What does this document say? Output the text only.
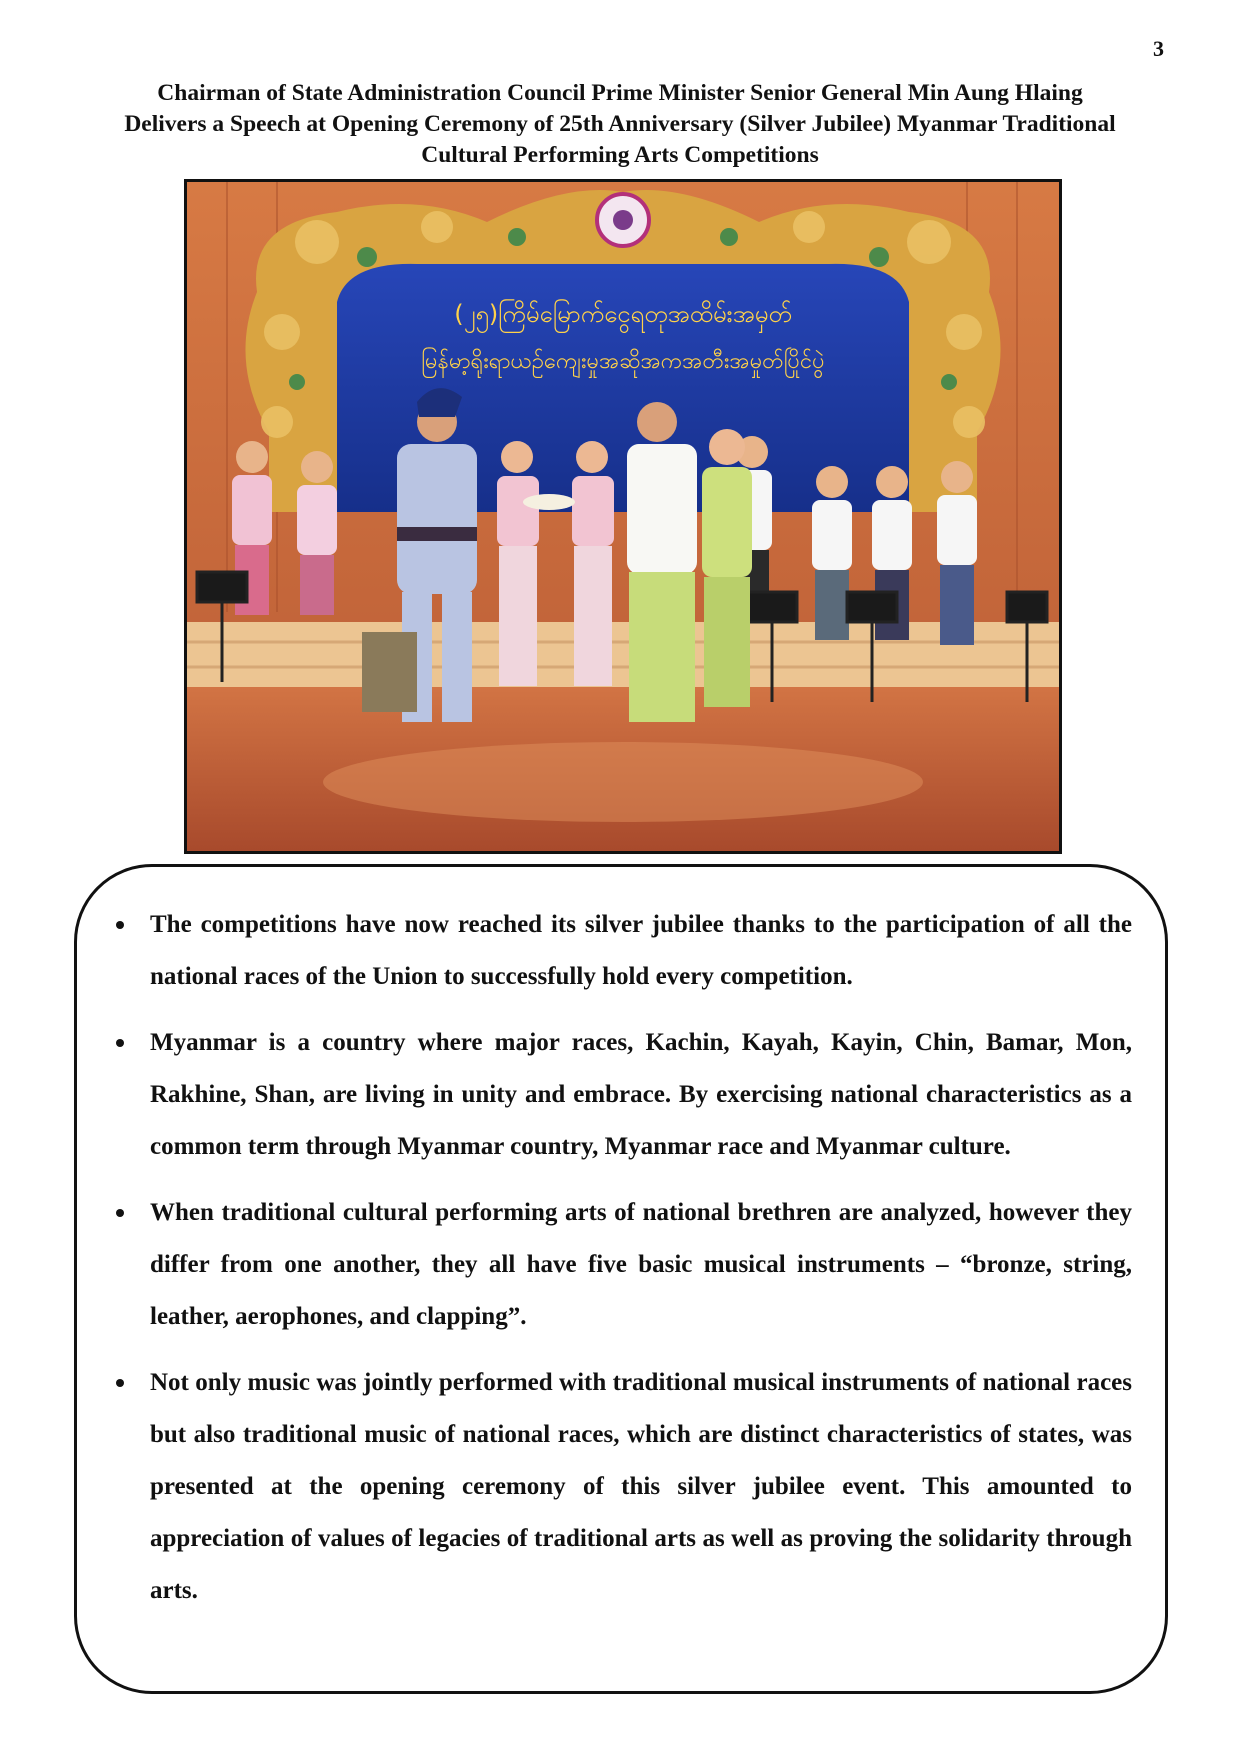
3
Chairman of State Administration Council Prime Minister Senior General Min Aung Hlaing
Delivers a Speech at Opening Ceremony of 25th Anniversary (Silver Jubilee) Myanmar Traditional
Cultural Performing Arts Competitions
(၂၅)ကြိမ်မြောက်ငွေရတုအထိမ်းအမှတ်
မြန်မာ့ရိုးရာယဉ်ကျေးမှုအဆိုအကအတီးအမှုတ်ပြိုင်ပွဲ
The competitions have now reached its silver jubilee thanks to the participation of all the national races of the Union to successfully hold every competition.
Myanmar is a country where major races, Kachin, Kayah, Kayin, Chin, Bamar, Mon, Rakhine, Shan, are living in unity and embrace. By exercising national characteristics as a common term through Myanmar country, Myanmar race and Myanmar culture.
When traditional cultural performing arts of national brethren are analyzed, however they differ from one another, they all have five basic musical instruments – “bronze, string, leather, aerophones, and clapping”.
Not only music was jointly performed with traditional musical instruments of national races but also traditional music of national races, which are distinct characteristics of states, was presented at the opening ceremony of this silver jubilee event. This amounted to appreciation of values of legacies of traditional arts as well as proving the solidarity through arts.
